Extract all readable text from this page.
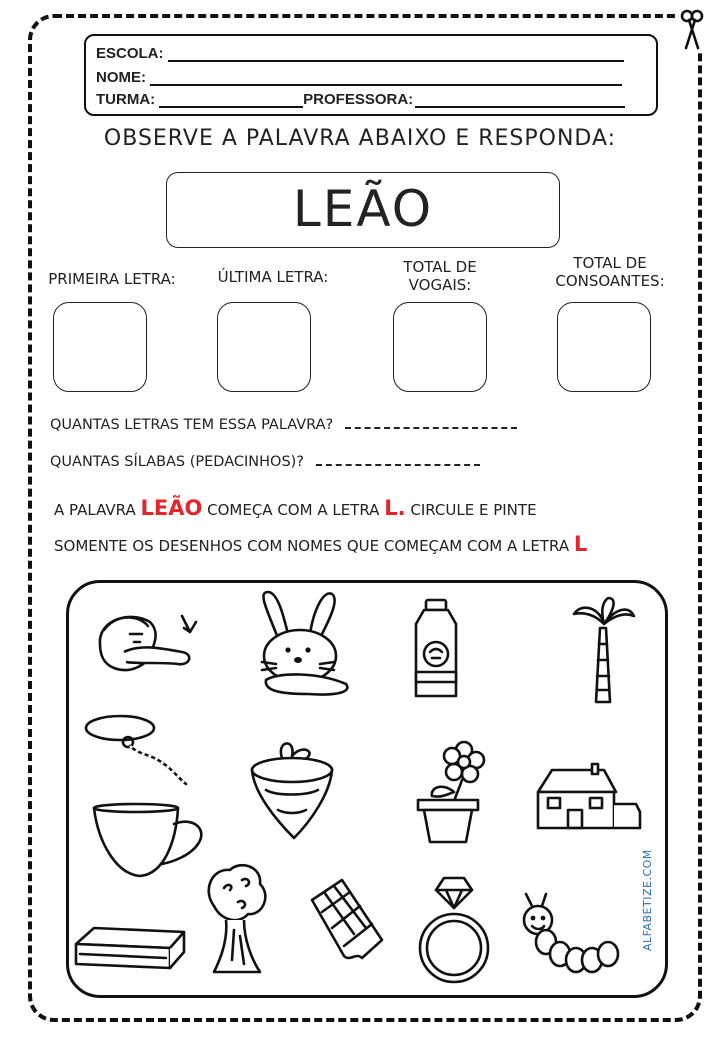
ESCOLA:
NOME:
TURMA:	PROFESSORA:
OBSERVE A PALAVRA ABAIXO E RESPONDA:
LEÃO
PRIMEIRA LETRA:	ÚLTIMA LETRA:
TOTAL DE
VOGAIS:
TOTAL DE
CONSOANTES:
QUANTAS LETRAS TEM ESSA PALAVRA?
QUANTAS SÍLABAS (PEDACINHOS)?
A PALAVRA LEÃO COMEÇA COM A LETRA L. CIRCULE E PINTE
SOMENTE OS DESENHOS COM NOMES QUE COMEÇAM COM A LETRA L
ALFABETIZE.COM
